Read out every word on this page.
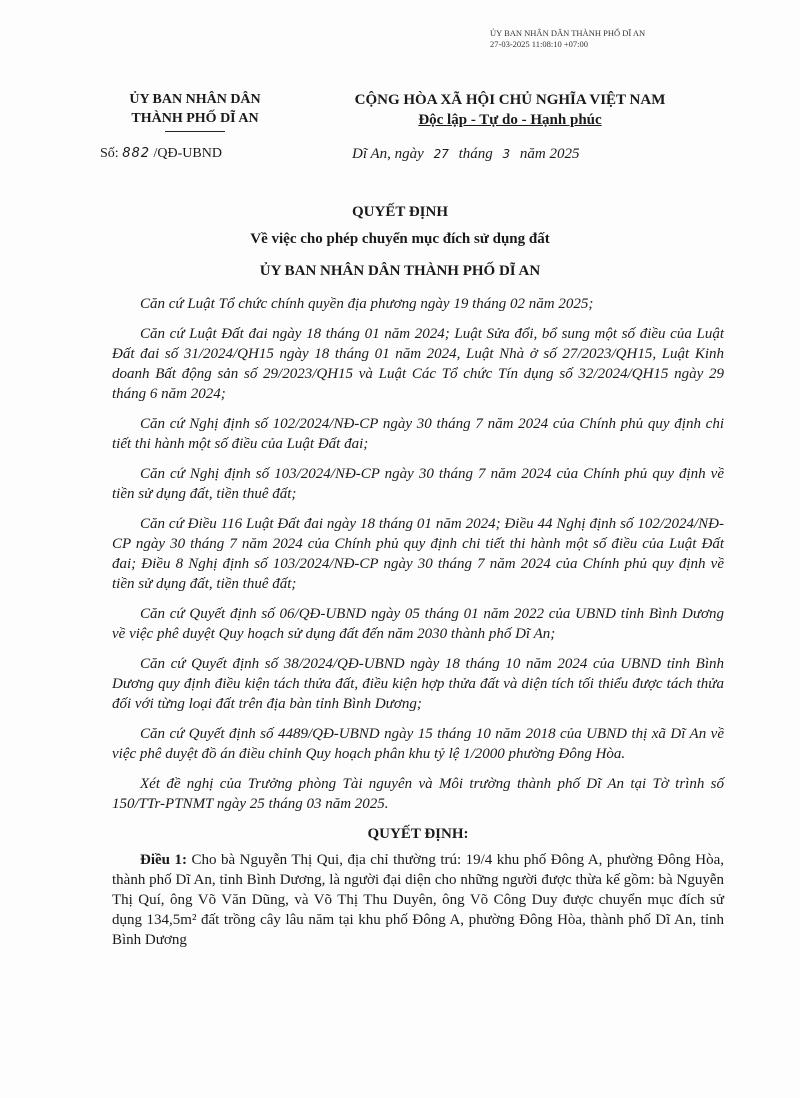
ỦY BAN NHÂN DÂN THÀNH PHỐ DĨ AN
27-03-2025 11:08:10 +07:00
ỦY BAN NHÂN DÂN
THÀNH PHỐ DĨ AN
CỘNG HÒA XÃ HỘI CHỦ NGHĨA VIỆT NAM
Độc lập - Tự do - Hạnh phúc
Số: 882 /QĐ-UBND	Dĩ An, ngày 27 tháng 3 năm 2025
QUYẾT ĐỊNH
Về việc cho phép chuyển mục đích sử dụng đất
ỦY BAN NHÂN DÂN THÀNH PHỐ DĨ AN

Căn cứ Luật Tổ chức chính quyền địa phương ngày 19 tháng 02 năm 2025;

Căn cứ Luật Đất đai ngày 18 tháng 01 năm 2024; Luật Sửa đổi, bổ sung một số điều của Luật Đất đai số 31/2024/QH15 ngày 18 tháng 01 năm 2024, Luật Nhà ở số 27/2023/QH15, Luật Kinh doanh Bất động sản số 29/2023/QH15 và Luật Các Tổ chức Tín dụng số 32/2024/QH15 ngày 29 tháng 6 năm 2024;

Căn cứ Nghị định số 102/2024/NĐ-CP ngày 30 tháng 7 năm 2024 của Chính phủ quy định chi tiết thi hành một số điều của Luật Đất đai;

Căn cứ Nghị định số 103/2024/NĐ-CP ngày 30 tháng 7 năm 2024 của Chính phủ quy định về tiền sử dụng đất, tiền thuê đất;

Căn cứ Điều 116 Luật Đất đai ngày 18 tháng 01 năm 2024; Điều 44 Nghị định số 102/2024/NĐ-CP ngày 30 tháng 7 năm 2024 của Chính phủ quy định chi tiết thi hành một số điều của Luật Đất đai; Điều 8 Nghị định số 103/2024/NĐ-CP ngày 30 tháng 7 năm 2024 của Chính phủ quy định về tiền sử dụng đất, tiền thuê đất;

Căn cứ Quyết định số 06/QĐ-UBND ngày 05 tháng 01 năm 2022 của UBND tỉnh Bình Dương về việc phê duyệt Quy hoạch sử dụng đất đến năm 2030 thành phố Dĩ An;

Căn cứ Quyết định số 38/2024/QĐ-UBND ngày 18 tháng 10 năm 2024 của UBND tỉnh Bình Dương quy định điều kiện tách thửa đất, điều kiện hợp thửa đất và diện tích tối thiểu được tách thửa đối với từng loại đất trên địa bàn tỉnh Bình Dương;

Căn cứ Quyết định số 4489/QĐ-UBND ngày 15 tháng 10 năm 2018 của UBND thị xã Dĩ An về việc phê duyệt đồ án điều chỉnh Quy hoạch phân khu tỷ lệ 1/2000 phường Đông Hòa.

Xét đề nghị của Trưởng phòng Tài nguyên và Môi trường thành phố Dĩ An tại Tờ trình số 150/TTr-PTNMT ngày 25 tháng 03 năm 2025.

QUYẾT ĐỊNH:

Điều 1: Cho bà Nguyễn Thị Qui, địa chỉ thường trú: 19/4 khu phố Đông A, phường Đông Hòa, thành phố Dĩ An, tỉnh Bình Dương, là người đại diện cho những người được thừa kế gồm: bà Nguyễn Thị Quí, ông Võ Văn Dũng, và Võ Thị Thu Duyên, ông Võ Công Duy được chuyển mục đích sử dụng 134,5m² đất trồng cây lâu năm tại khu phố Đông A, phường Đông Hòa, thành phố Dĩ An, tỉnh Bình Dương
